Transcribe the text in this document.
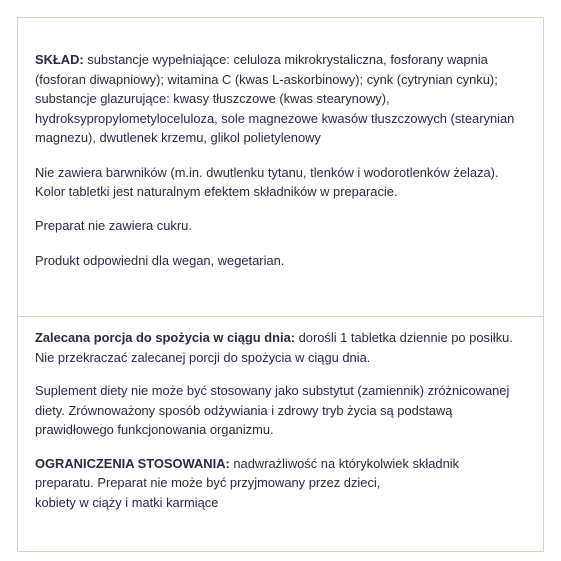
SKŁAD: substancje wypełniające: celuloza mikrokrystaliczna, fosforany wapnia
(fosforan diwapniowy); witamina C (kwas L-askorbinowy); cynk (cytrynian cynku);
substancje glazurujące: kwasy tłuszczowe (kwas stearynowy),
hydroksypropylometyloceluloza, sole magnezowe kwasów tłuszczowych (stearynian
magnezu), dwutlenek krzemu, glikol polietylenowy

Nie zawiera barwników (m.in. dwutlenku tytanu, tlenków i wodorotlenków żelaza).
Kolor tabletki jest naturalnym efektem składników w preparacie.

Preparat nie zawiera cukru.

Produkt odpowiedni dla wegan, wegetarian.

Zalecana porcja do spożycia w ciągu dnia: dorośli 1 tabletka dziennie po posiłku.
Nie przekraczać zalecanej porcji do spożycia w ciągu dnia.

Suplement diety nie może być stosowany jako substytut (zamiennik) zróżnicowanej
diety. Zrównoważony sposób odżywiania i zdrowy tryb życia są podstawą
prawidłowego funkcjonowania organizmu.

OGRANICZENIA STOSOWANIA: nadwrażliwość na którykolwiek składnik
preparatu. Preparat nie może być przyjmowany przez dzieci,
kobiety w ciąży i matki karmiące
